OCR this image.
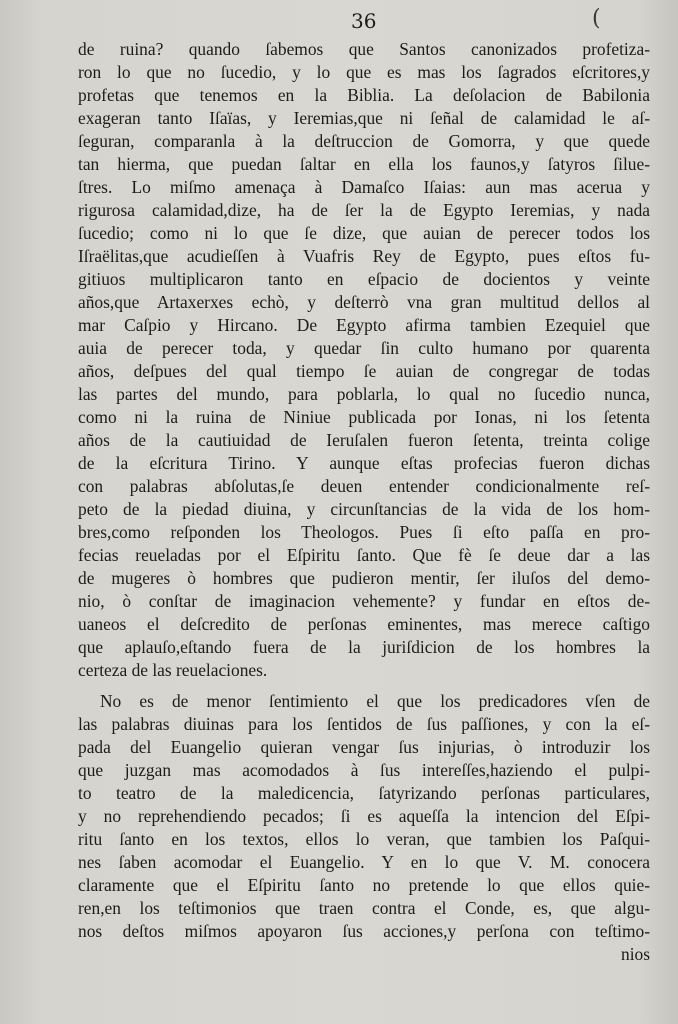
36	(
de ruina? quando ſabemos que Santos canonizados profetiza-
ron lo que no ſucedio, y lo que es mas los ſagrados eſcritores,y
profetas que tenemos en la Biblia. La deſolacion de Babilonia
exageran tanto Iſaïas, y Ieremias,que ni ſeñal de calamidad le aſ-
ſeguran, comparanla à la deſtruccion de Gomorra, y que quede
tan hierma, que puedan ſaltar en ella los faunos,y ſatyros ſilue-
ſtres. Lo miſmo amenaça à Damaſco Iſaias: aun mas acerua y
rigurosa calamidad,dize, ha de ſer la de Egypto Ieremias, y nada
ſucedio; como ni lo que ſe dize, que auian de perecer todos los
Iſraëlitas,que acudieſſen à Vuafris Rey de Egypto, pues eſtos fu-
gitiuos multiplicaron tanto en eſpacio de docientos y veinte
años,que Artaxerxes echò, y deſterrò vna gran multitud dellos al
mar Caſpio y Hircano. De Egypto afirma tambien Ezequiel que
auia de perecer toda, y quedar ſin culto humano por quarenta
años, deſpues del qual tiempo ſe auian de congregar de todas
las partes del mundo, para poblarla, lo qual no ſucedio nunca,
como ni la ruina de Niniue publicada por Ionas, ni los ſetenta
años de la cautiuidad de Ieruſalen fueron ſetenta, treinta colige
de la eſcritura Tirino. Y aunque eſtas profecias fueron dichas
con palabras abſolutas,ſe deuen entender condicionalmente reſ-
peto de la piedad diuina, y circunſtancias de la vida de los hom-
bres,como reſponden los Theologos. Pues ſi eſto paſſa en pro-
fecias reueladas por el Eſpiritu ſanto. Que fè ſe deue dar a las
de mugeres ò hombres que pudieron mentir, ſer iluſos del demo-
nio, ò conſtar de imaginacion vehemente? y fundar en eſtos de-
uaneos el deſcredito de perſonas eminentes, mas merece caſtigo
que aplauſo,eſtando fuera de la juriſdicion de los hombres la
certeza de las reuelaciones.
No es de menor ſentimiento el que los predicadores vſen de
las palabras diuinas para los ſentidos de ſus paſſiones, y con la eſ-
pada del Euangelio quieran vengar ſus injurias, ò introduzir los
que juzgan mas acomodados à ſus intereſſes,haziendo el pulpi-
to teatro de la maledicencia, ſatyrizando perſonas particulares,
y no reprehendiendo pecados; ſi es aqueſſa la intencion del Eſpi-
ritu ſanto en los textos, ellos lo veran, que tambien los Paſqui-
nes ſaben acomodar el Euangelio. Y en lo que V. M. conocera
claramente que el Eſpiritu ſanto no pretende lo que ellos quie-
ren,en los teſtimonios que traen contra el Conde, es, que algu-
nos deſtos miſmos apoyaron ſus acciones,y perſona con teſtimo-
nios
